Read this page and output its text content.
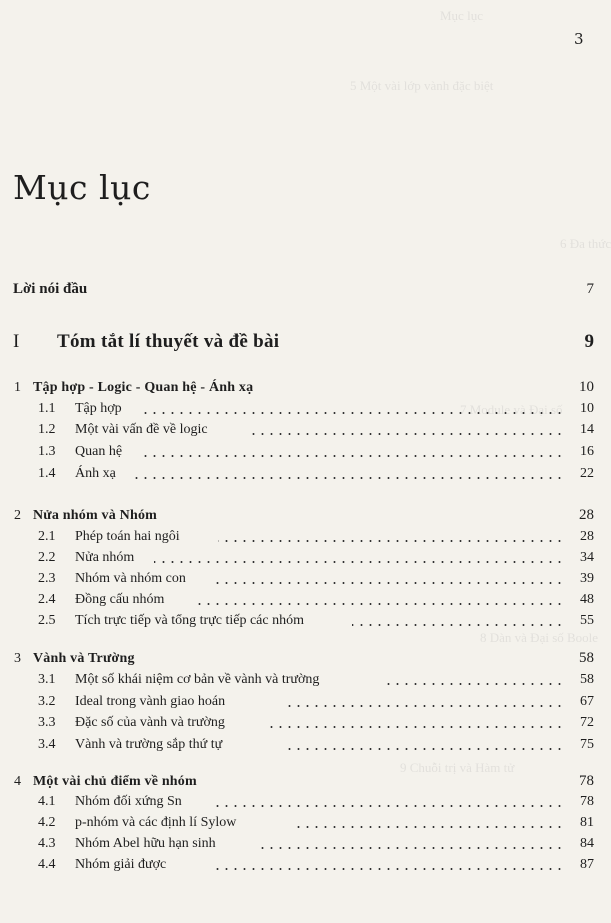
Mục lục
5 Một vài lớp vành đặc biệt
6 Đa thức
7 Module và Đại số
8 Dàn và Đại số Boole
9 Chuỗi trị và Hàm tử
3
Mục lục
Lời nói đầu	7
I Tóm tắt lí thuyết và đề bài	9
1 Tập hợp - Logic - Quan hệ - Ánh xạ	10
1.1 Tập hợp	10
1.2 Một vài vấn đề về logic	14
1.3 Quan hệ	16
1.4 Ánh xạ	22
2 Nửa nhóm và Nhóm	28
2.1 Phép toán hai ngôi	28
2.2 Nửa nhóm	34
2.3 Nhóm và nhóm con	39
2.4 Đồng cấu nhóm	48
2.5 Tích trực tiếp và tổng trực tiếp các nhóm	55
3 Vành và Trường	58
3.1 Một số khái niệm cơ bản về vành và trường	58
3.2 Ideal trong vành giao hoán	67
3.3 Đặc số của vành và trường	72
3.4 Vành và trường sắp thứ tự	75
4 Một vài chủ điểm về nhóm	78
4.1 Nhóm đối xứng Sn	78
4.2 p-nhóm và các định lí Sylow	81
4.3 Nhóm Abel hữu hạn sinh	84
4.4 Nhóm giải được	87
